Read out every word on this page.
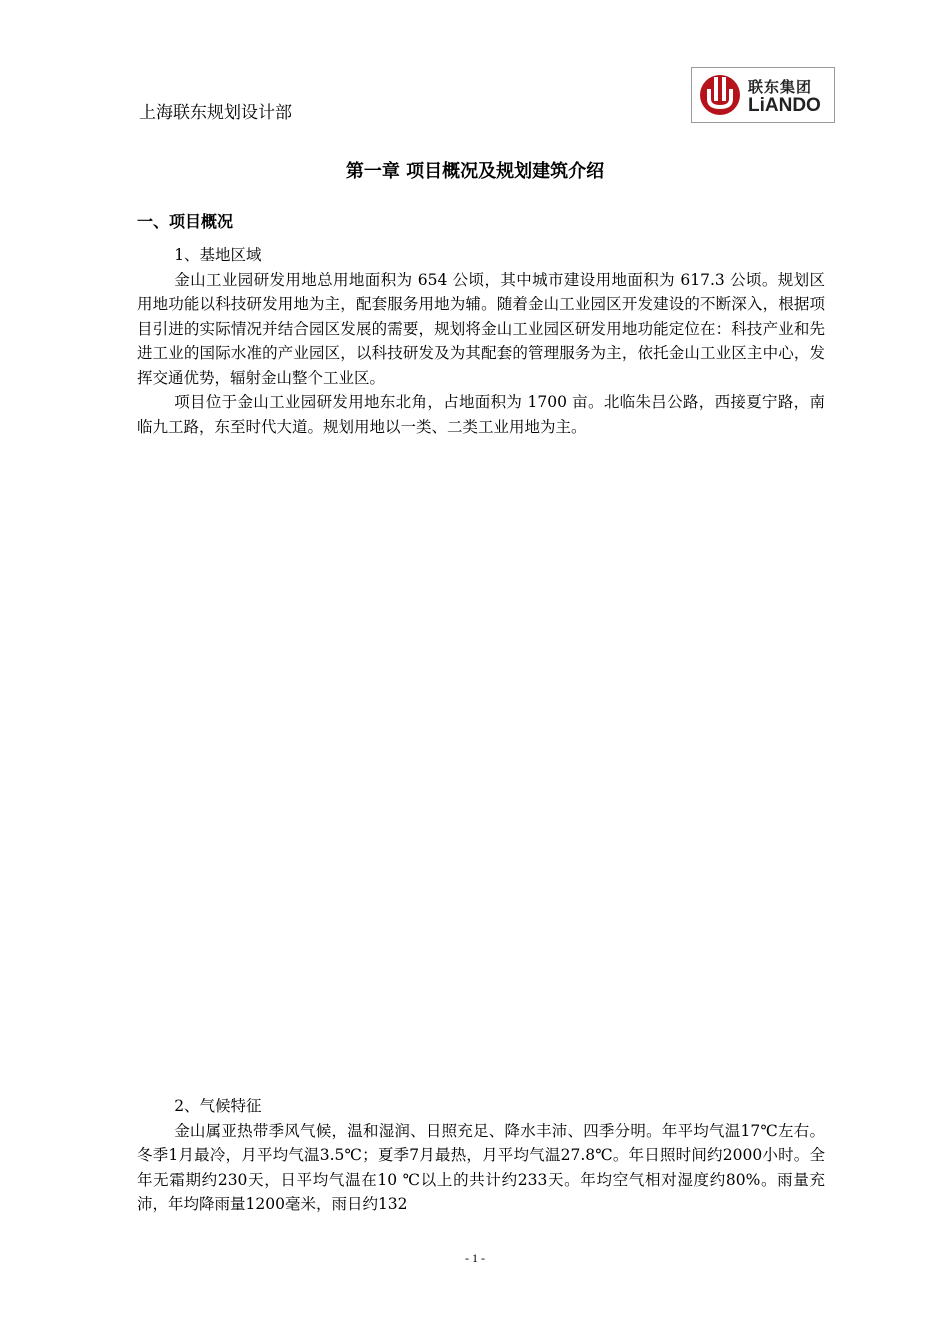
上海联东规划设计部
联东集团
LiANDO
第一章 项目概况及规划建筑介绍
一、项目概况

1、基地区域

金山工业园研发用地总用地面积为 654 公顷，其中城市建设用地面积为 617.3 公顷。规划区用地功能以科技研发用地为主，配套服务用地为辅。随着金山工业园区开发建设的不断深入，根据项目引进的实际情况并结合园区发展的需要，规划将金山工业园区研发用地功能定位在：科技产业和先进工业的国际水准的产业园区，以科技研发及为其配套的管理服务为主，依托金山工业区主中心，发挥交通优势，辐射金山整个工业区。

项目位于金山工业园研发用地东北角，占地面积为 1700 亩。北临朱吕公路，西接夏宁路，南临九工路，东至时代大道。规划用地以一类、二类工业用地为主。

2、气候特征

金山属亚热带季风气候，温和湿润、日照充足、降水丰沛、四季分明。年平均气温17℃左右。冬季1月最冷，月平均气温3.5℃；夏季7月最热，月平均气温27.8℃。年日照时间约2000小时。全年无霜期约230天，日平均气温在10 ℃以上的共计约233天。年均空气相对湿度约80%。雨量充沛，年均降雨量1200毫米，雨日约132

- 1 -
